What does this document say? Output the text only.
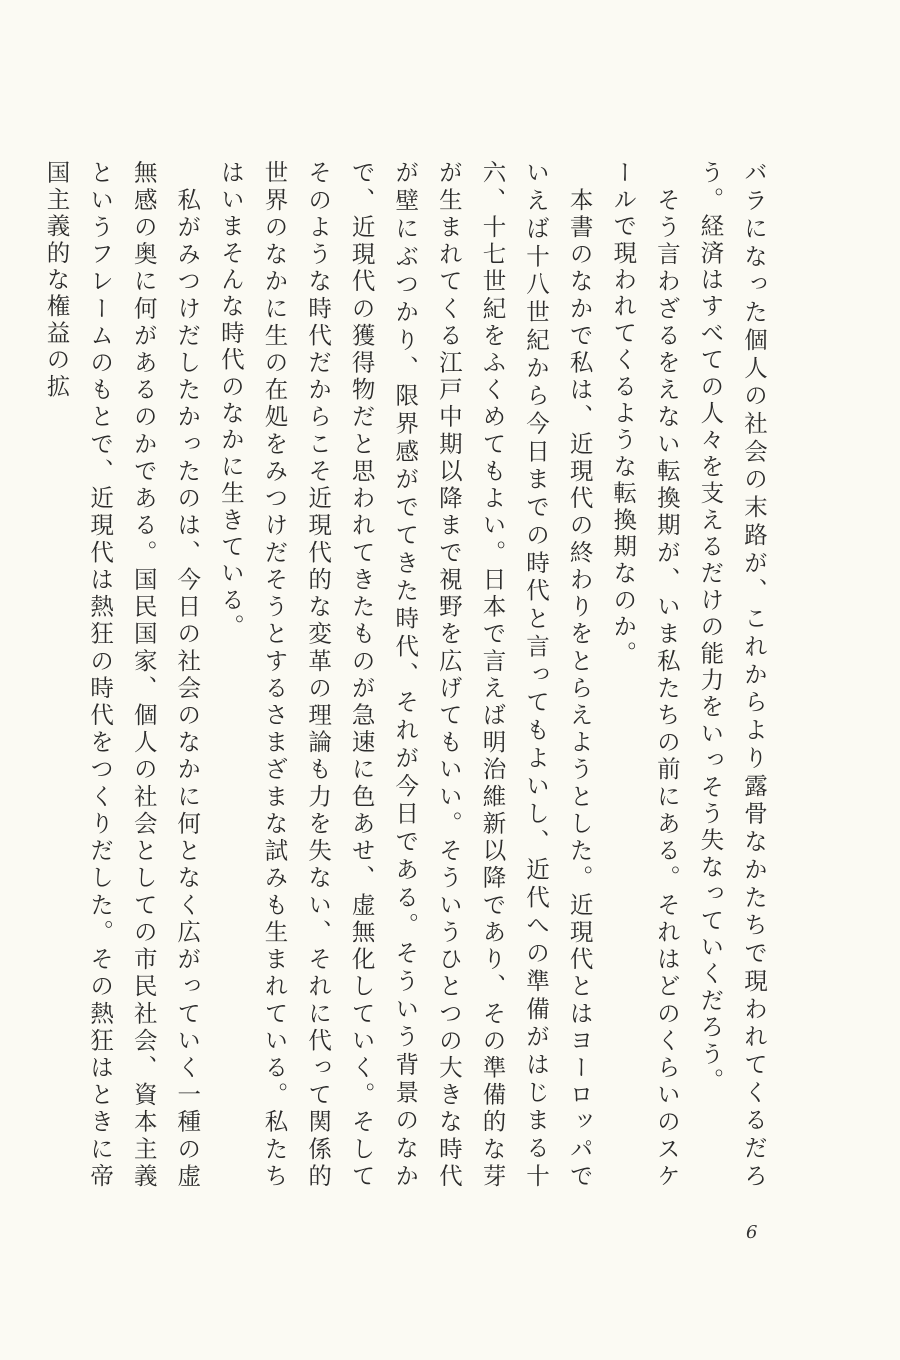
バラになった個人の社会の末路が、これからより露骨なかたちで現われてくるだろう。経済はすべての人々を支えるだけの能力をいっそう失なっていくだろう。

　そう言わざるをえない転換期が、いま私たちの前にある。それはどのくらいのスケールで現われてくるような転換期なのか。

　本書のなかで私は、近現代の終わりをとらえようとした。近現代とはヨーロッパでいえば十八世紀から今日までの時代と言ってもよいし、近代への準備がはじまる十六、十七世紀をふくめてもよい。日本で言えば明治維新以降であり、その準備的な芽が生まれてくる江戸中期以降まで視野を広げてもいい。そういうひとつの大きな時代が壁にぶつかり、限界感がでてきた時代、それが今日である。そういう背景のなかで、近現代の獲得物だと思われてきたものが急速に色あせ、虚無化していく。そしてそのような時代だからこそ近現代的な変革の理論も力を失ない、それに代って関係的世界のなかに生の在処をみつけだそうとするさまざまな試みも生まれている。私たちはいまそんな時代のなかに生きている。

　私がみつけだしたかったのは、今日の社会のなかに何となく広がっていく一種の虚無感の奥に何があるのかである。国民国家、個人の社会としての市民社会、資本主義というフレームのもとで、近現代は熱狂の時代をつくりだした。その熱狂はときに帝国主義的な権益の拡

6
